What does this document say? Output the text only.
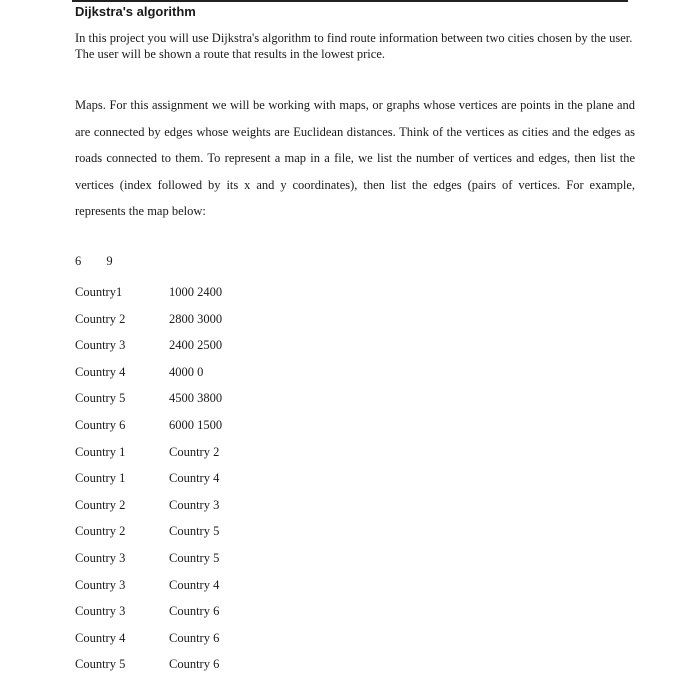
Dijkstra's algorithm
In this project you will use Dijkstra's algorithm to find route information between two cities chosen by the user. The user will be shown a route that results in the lowest price.
Maps. For this assignment we will be working with maps, or graphs whose vertices are points in the plane and are connected by edges whose weights are Euclidean distances. Think of the vertices as cities and the edges as roads connected to them. To represent a map in a file, we list the number of vertices and edges, then list the vertices (index followed by its x and y coordinates), then list the edges (pairs of vertices. For example, represents the map below:
6 9
Country1	1000 2400
Country 2	2800 3000
Country 3	2400 2500
Country 4	4000 0
Country 5	4500 3800
Country 6	6000 1500
Country 1	Country 2
Country 1	Country 4
Country 2	Country 3
Country 2	Country 5
Country 3	Country 5
Country 3	Country 4
Country 3	Country 6
Country 4	Country 6
Country 5	Country 6
